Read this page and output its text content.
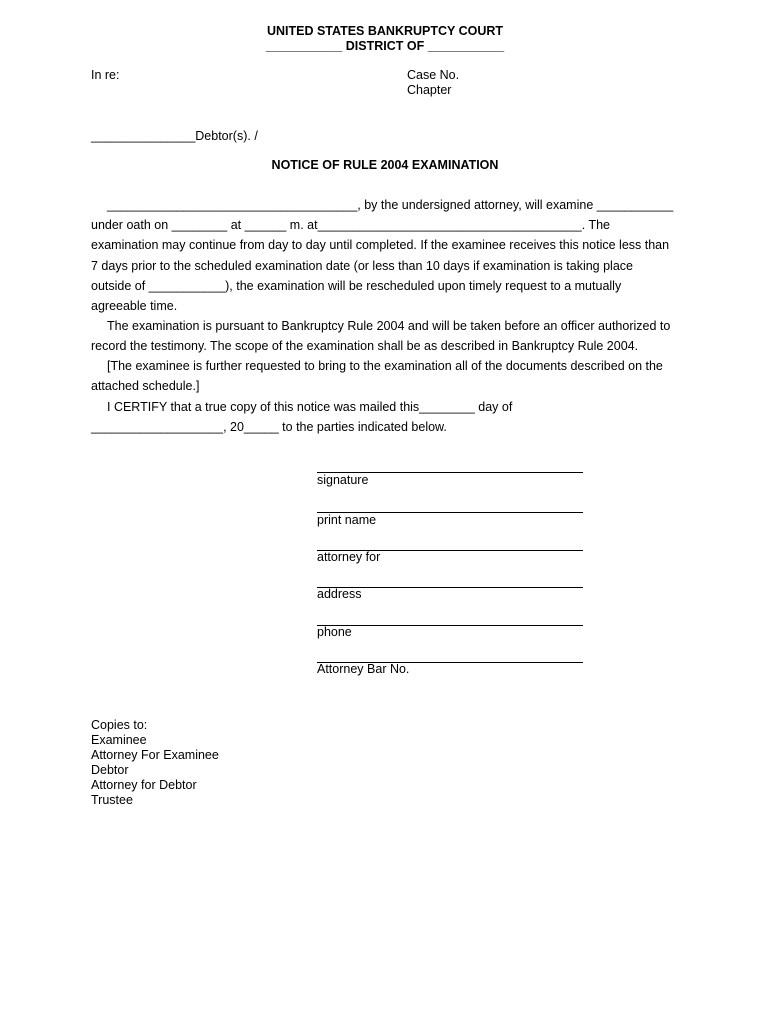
UNITED STATES BANKRUPTCY COURT
___________ DISTRICT OF ___________
In re:	Case No.
Chapter
_______________Debtor(s). /
NOTICE OF RULE 2004 EXAMINATION
____________________________________, by the undersigned attorney, will examine ___________
under oath on ________ at ______ m. at______________________________________. The
examination may continue from day to day until completed. If the examinee receives this notice less than
7 days prior to the scheduled examination date (or less than 10 days if examination is taking place
outside of ___________), the examination will be rescheduled upon timely request to a mutually
agreeable time.
The examination is pursuant to Bankruptcy Rule 2004 and will be taken before an officer authorized to
record the testimony. The scope of the examination shall be as described in Bankruptcy Rule 2004.
[The examinee is further requested to bring to the examination all of the documents described on the
attached schedule.]
I CERTIFY that a true copy of this notice was mailed this________ day of
___________________, 20_____ to the parties indicated below.
signature
print name
attorney for
address
phone
Attorney Bar No.
Copies to:
Examinee
Attorney For Examinee
Debtor
Attorney for Debtor
Trustee
